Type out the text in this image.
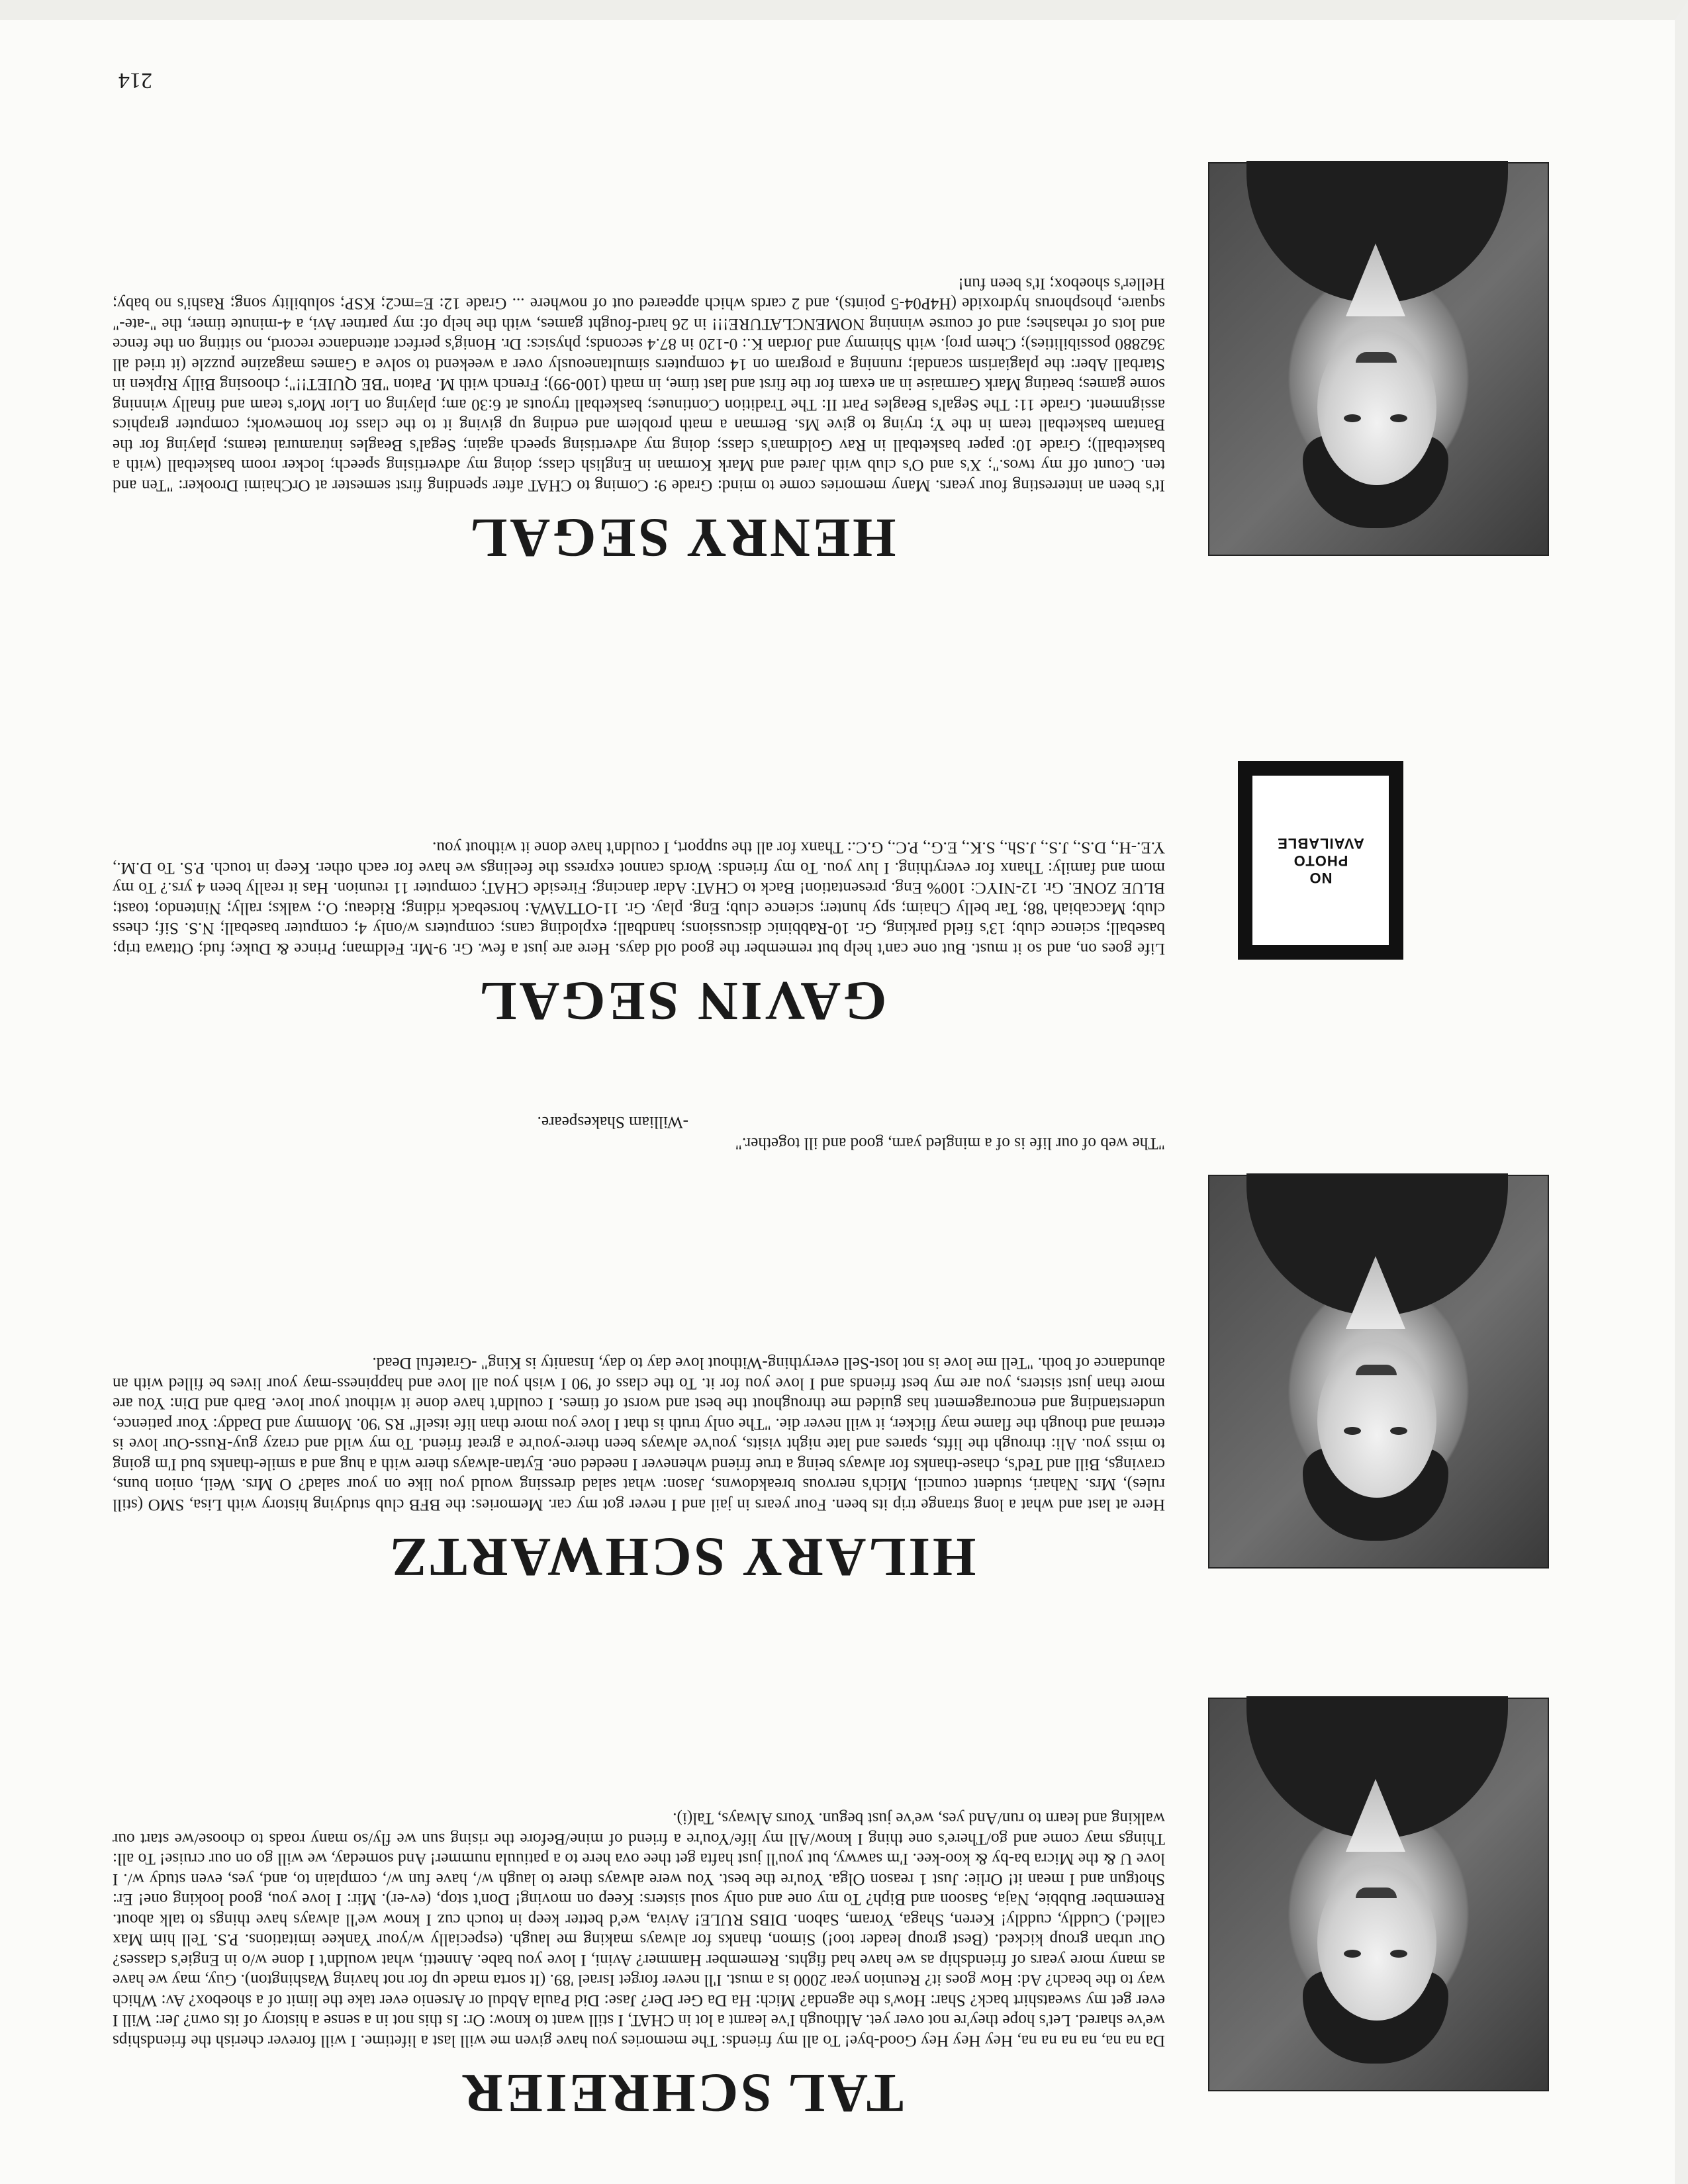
TAL SCHREIER

Da na na, na na na na, Hey Hey Hey Good-bye! To all my friends: The memories you have given me will last a lifetime. I will forever cherish the friendships we've shared. Let's hope they're not over yet. Although I've learnt a lot in CHAT, I still want to know: Or: Is this not in a sense a history of its own? Jer: Will I ever get my sweatshirt back? Shar: How's the agenda? Mich: Ha Da Ger Der? Jase: Did Paula Abdul or Arsenio ever take the limit of a shoebox? Av: Which way to the beach? Ad: How goes it? Reunion year 2000 is a must. I'll never forget Israel '89. (It sorta made up for not having Washington). Guy, may we have as many more years of friendship as we have had fights. Remember Hammer? Avini, I love you babe. Annetti, what wouldn't I done w/o in Engie's classes? Our urban group kicked. (Best group leader too!) Simon, thanks for always making me laugh. (especially w/your Yankee imitations. P.S. Tell him Max called.) Cuddly, cuddly! Keren, Shaga, Yoram, Sabon. DIBS RULE! Aviva, we'd better keep in touch cuz I know we'll always have things to talk about. Remember Bubbie, Naja, Sasoon and Biph? To my one and only soul sisters: Keep on moving! Don't stop, (ev-er). Mir: I love you, good looking one! Er: Shotgun and I mean it! Orlie: Just 1 reason Olga. You're the best. You were always there to laugh w/, have fun w/, complain to, and, yes, even study w/. I love U & the Micra ba-by & koo-kee. I'm sawwy, but you'll just hafta get thee ova here to a patiuula nummer! And someday, we will go on our cruise! To all: Things may come and go/There's one thing I know/All my life/You're a friend of mine/Before the rising sun we fly/so many roads to choose/we start our walking and learn to run/And yes, we've just begun. Yours Always, Tal(i).

HILARY SCHWARTZ

Here at last and what a long strange trip its been. Four years in jail and I never got my car. Memories: the BFB club studying history with Lisa, SMO (still rules), Mrs. Nahari, student council, Mich's nervous breakdowns, Jason: what salad dressing would you like on your salad? O Mrs. Weil, onion buns, cravings, Bill and Ted's, chase-thanks for always being a true friend whenever I needed one. Eytan-always there with a hug and a smile-thanks bud I'm going to miss you. Ali: through the lifts, spares and late night visits, you've always been there-you're a great friend. To my wild and crazy guy-Russ-Our love is eternal and though the flame may flicker, it will never die. "The only truth is that I love you more than life itself" RS '90. Mommy and Daddy: Your patience, understanding and encouragement has guided me throughout the best and worst of times. I couldn't have done it without your love. Barb and Din: You are more than just sisters, you are my best friends and I love you for it. To the class of '90 I wish you all love and happiness-may your lives be filled with an abundance of both. "Tell me love is not lost-Sell everything-Without love day to day, Insanity is King" -Grateful Dead.

"The web of our life is of a mingled yarn, good and ill together."

-William Shakespeare.

NO
PHOTO
AVAILABLE
GAVIN SEGAL

Life goes on, and so it must. But one can't help but remember the good old days. Here are just a few. Gr. 9-Mr. Feldman; Prince & Duke; fud; Ottawa trip; baseball; science club; 13's field parking, Gr. 10-Rabbinic discussions; handball; exploding cans; computers w/only 4; computer baseball; N.S. Sif; chess club; Maccabiah '88; Tar belly Chaim; spy hunter; science club; Eng. play. Gr. 11-OTTAWA: horseback riding; Rideau; O.; walks; rally; Nintendo; toast; BLUE ZONE. Gr. 12-NIYC: 100% Eng. presentation! Back to CHAT: Adar dancing; Fireside CHAT; computer 11 reunion. Has it really been 4 yrs.? To my mom and family: Thanx for everything. I luv you. To my friends: Words cannot express the feelings we have for each other. Keep in touch. P.S. To D.M., Y.E.-H., D.S., J.S., J.Sh., S.K., E.G., P.C., G.C.: Thanx for all the support, I couldn't have done it without you.

HENRY SEGAL

It's been an interesting four years. Many memories come to mind: Grade 9: Coming to CHAT after spending first semester at OrChaimi Drooker: "Ten and ten. Count off my twos."; X's and O's club with Jared and Mark Korman in English class; doing my advertising speech; locker room basketball (with a basketball); Grade 10: paper basketball in Rav Goldman's class; doing my advertising speech again; Segal's Beagles intramural teams; playing for the Bantam basketball team in the Y; trying to give Ms. Berman a math problem and ending up giving it to the class for homework; computer graphics assignment. Grade 11: The Segal's Beagles Part II: The Tradition Continues; basketball tryouts at 6:30 am; playing on Lior Mor's team and finally winning some games; beating Mark Garmaise in an exam for the first and last time, in math (100-99); French with M. Paton "BE QUIET!!"; choosing Billy Ripken in Starball Aber: the plagiarism scandal; running a program on 14 computers simultaneously over a weekend to solve a Games magazine puzzle (it tried all 362880 possibilities); Chem proj. with Shimmy and Jordan K.: 0-120 in 87.4 seconds; physics: Dr. Honig's perfect attendance record, no sitting on the fence and lots of rehashes; and of course winning NOMENCLATURE!!! in 26 hard-fought games, with the help of: my partner Avi, a 4-minute timer, the "-ate-" square, phosphorus hydroxide (H4P04-5 points), and 2 cards which appeared out of nowhere ... Grade 12: E=mc2; KSP; solubility song; Rashi's no baby; Heller's shoebox; It's been fun!

214
